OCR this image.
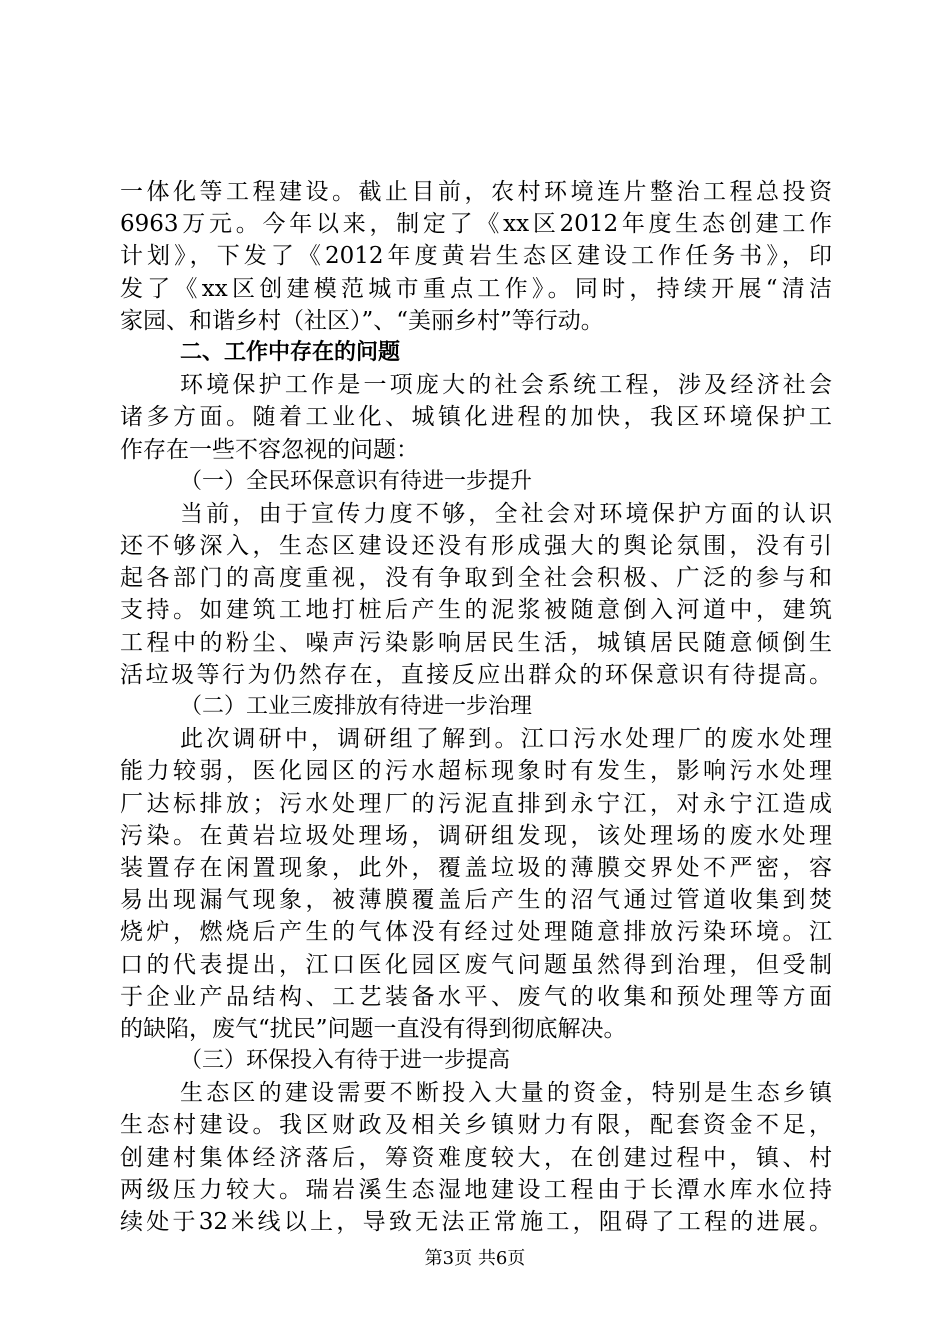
一体化等工程建设。截止目前，农村环境连片整治工程总投资
6963万元。今年以来，制定了《xx区2012年度生态创建工作
计划》，下发了《2012年度黄岩生态区建设工作任务书》，印
发了《xx区创建模范城市重点工作》。同时，持续开展“清洁
家园、和谐乡村（社区）”、“美丽乡村”等行动。
二、工作中存在的问题
环境保护工作是一项庞大的社会系统工程，涉及经济社会
诸多方面。随着工业化、城镇化进程的加快，我区环境保护工
作存在一些不容忽视的问题：
（一）全民环保意识有待进一步提升
当前，由于宣传力度不够，全社会对环境保护方面的认识
还不够深入，生态区建设还没有形成强大的舆论氛围，没有引
起各部门的高度重视，没有争取到全社会积极、广泛的参与和
支持。如建筑工地打桩后产生的泥浆被随意倒入河道中，建筑
工程中的粉尘、噪声污染影响居民生活，城镇居民随意倾倒生
活垃圾等行为仍然存在，直接反应出群众的环保意识有待提高。
（二）工业三废排放有待进一步治理
此次调研中，调研组了解到。江口污水处理厂的废水处理
能力较弱，医化园区的污水超标现象时有发生，影响污水处理
厂达标排放；污水处理厂的污泥直排到永宁江，对永宁江造成
污染。在黄岩垃圾处理场，调研组发现，该处理场的废水处理
装置存在闲置现象，此外，覆盖垃圾的薄膜交界处不严密，容
易出现漏气现象，被薄膜覆盖后产生的沼气通过管道收集到焚
烧炉，燃烧后产生的气体没有经过处理随意排放污染环境。江
口的代表提出，江口医化园区废气问题虽然得到治理，但受制
于企业产品结构、工艺装备水平、废气的收集和预处理等方面
的缺陷，废气“扰民”问题一直没有得到彻底解决。
（三）环保投入有待于进一步提高
生态区的建设需要不断投入大量的资金，特别是生态乡镇
生态村建设。我区财政及相关乡镇财力有限，配套资金不足，
创建村集体经济落后，筹资难度较大，在创建过程中，镇、村
两级压力较大。瑞岩溪生态湿地建设工程由于长潭水库水位持
续处于32米线以上，导致无法正常施工，阻碍了工程的进展。
第3页 共6页
